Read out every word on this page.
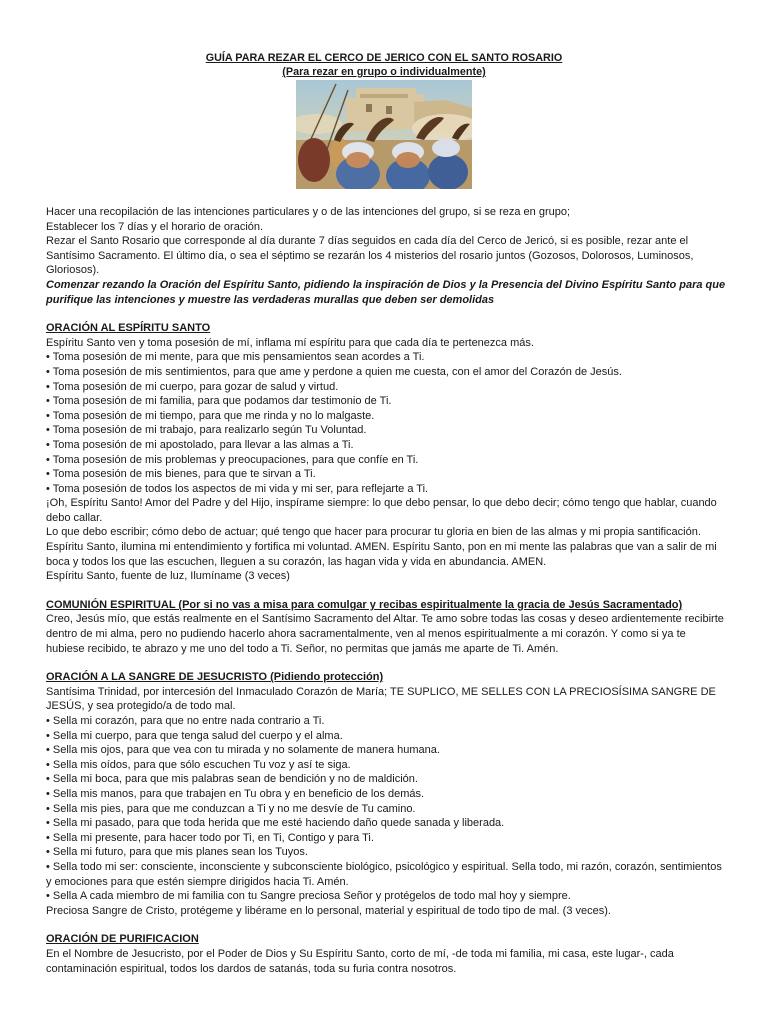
GUÍA PARA REZAR EL CERCO DE JERICO CON EL SANTO ROSARIO
(Para rezar en grupo o individualmente)

Hacer una recopilación de las intenciones particulares y o de las intenciones del grupo, si se reza en grupo;

Establecer los 7 días y el horario de oración.

Rezar el Santo Rosario que corresponde al día durante 7 días seguidos en cada día del Cerco de Jericó, si es posible, rezar ante el Santísimo Sacramento. El último día, o sea el séptimo se rezarán los 4 misterios del rosario juntos (Gozosos, Dolorosos, Luminosos, Gloriosos).

Comenzar rezando la Oración del Espíritu Santo, pidiendo la inspiración de Dios y la Presencia del Divino Espíritu Santo para que purifique las intenciones y muestre las verdaderas murallas que deben ser demolidas

ORACIÓN AL ESPÍRITU SANTO

Espíritu Santo ven y toma posesión de mí, inflama mí espíritu para que cada día te pertenezca más.

• Toma posesión de mi mente, para que mis pensamientos sean acordes a Ti.

• Toma posesión de mis sentimientos, para que ame y perdone a quien me cuesta, con el amor del Corazón de Jesús.

• Toma posesión de mi cuerpo, para gozar de salud y virtud.

• Toma posesión de mi familia, para que podamos dar testimonio de Ti.

• Toma posesión de mi tiempo, para que me rinda y no lo malgaste.

• Toma posesión de mi trabajo, para realizarlo según Tu Voluntad.

• Toma posesión de mi apostolado, para llevar a las almas a Ti.

• Toma posesión de mis problemas y preocupaciones, para que confíe en Ti.

• Toma posesión de mis bienes, para que te sirvan a Ti.

• Toma posesión de todos los aspectos de mi vida y mi ser, para reflejarte a Ti.

¡Oh, Espíritu Santo! Amor del Padre y del Hijo, inspírame siempre: lo que debo pensar, lo que debo decir; cómo tengo que hablar, cuando debo callar.

Lo que debo escribir; cómo debo de actuar; qué tengo que hacer para procurar tu gloria en bien de las almas y mi propia santificación. Espíritu Santo, ilumina mi entendimiento y fortifica mi voluntad. AMEN. Espíritu Santo, pon en mi mente las palabras que van a salir de mi boca y todos los que las escuchen, lleguen a su corazón, las hagan vida y vida en abundancia. AMEN.

Espíritu Santo, fuente de luz, Ilumíname (3 veces)

COMUNIÓN ESPIRITUAL (Por si no vas a misa para comulgar y recibas espiritualmente la gracia de Jesús Sacramentado)

Creo, Jesús mío, que estás realmente en el Santísimo Sacramento del Altar. Te amo sobre todas las cosas y deseo ardientemente recibirte dentro de mi alma, pero no pudiendo hacerlo ahora sacramentalmente, ven al menos espiritualmente a mi corazón. Y como si ya te hubiese recibido, te abrazo y me uno del todo a Ti. Señor, no permitas que jamás me aparte de Ti. Amén.

ORACIÓN A LA SANGRE DE JESUCRISTO (Pidiendo protección)

Santísima Trinidad, por intercesión del Inmaculado Corazón de María; TE SUPLICO, ME SELLES CON LA PRECIOSÍSIMA SANGRE DE JESÚS, y sea protegido/a de todo mal.

• Sella mi corazón, para que no entre nada contrario a Ti.

• Sella mi cuerpo, para que tenga salud del cuerpo y el alma.

• Sella mis ojos, para que vea con tu mirada y no solamente de manera humana.

• Sella mis oídos, para que sólo escuchen Tu voz y así te siga.

• Sella mi boca, para que mis palabras sean de bendición y no de maldición.

• Sella mis manos, para que trabajen en Tu obra y en beneficio de los demás.

• Sella mis pies, para que me conduzcan a Ti y no me desvíe de Tu camino.

• Sella mi pasado, para que toda herida que me esté haciendo daño quede sanada y liberada.

• Sella mi presente, para hacer todo por Ti, en Ti, Contigo y para Ti.

• Sella mi futuro, para que mis planes sean los Tuyos.

• Sella todo mi ser: consciente, inconsciente y subconsciente biológico, psicológico y espiritual. Sella todo, mi razón, corazón, sentimientos y emociones para que estén siempre dirigidos hacia Ti. Amén.

• Sella A cada miembro de mi familia con tu Sangre preciosa Señor y protégelos de todo mal hoy y siempre.

Preciosa Sangre de Cristo, protégeme y libérame en lo personal, material y espiritual de todo tipo de mal. (3 veces).

ORACIÓN DE PURIFICACION

En el Nombre de Jesucristo, por el Poder de Dios y Su Espíritu Santo, corto de mí, -de toda mi familia, mi casa, este lugar-, cada contaminación espiritual, todos los dardos de satanás, toda su furia contra nosotros.
